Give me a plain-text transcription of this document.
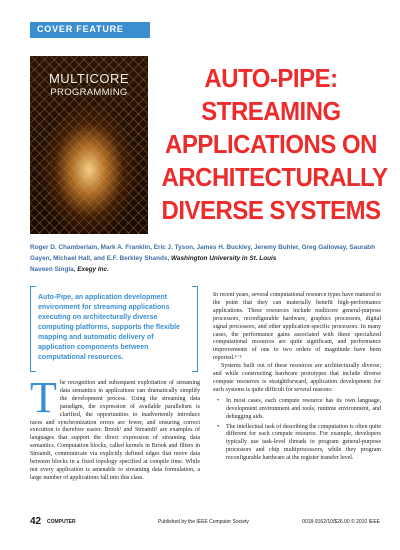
COVER FEATURE
MULTICORE
PROGRAMMING	AUTO-PIPE:
STREAMING
APPLICATIONS ON
ARCHITECTURALLY
DIVERSE SYSTEMS
Roger D. Chamberlain, Mark A. Franklin, Eric J. Tyson, James H. Buckley, Jeremy Buhler, Greg Galloway, Saurabh Gayen, Michael Hall, and E.F. Berkley Shands, Washington University in St. Louis
Naveen Singla, Exegy Inc.
Auto-Pipe, an application development environment for streaming applications executing on architecturally diverse computing platforms, supports the flexible mapping and automatic delivery of application components between computational resources.

The recognition and subsequent exploitation of streaming data semantics in applications can dramatically simplify the development process. Using the streaming data paradigm, the expression of available parallelism is clarified, the opportunities to inadvertently introduce races and synchronization errors are fewer, and ensuring correct execution is therefore easier. Brook¹ and StreamIt² are examples of languages that support the direct expression of streaming data semantics. Computation blocks, called kernels in Brook and filters in StreamIt, communicate via explicitly defined edges that move data between blocks in a fixed topology specified at compile time. While not every application is amenable to streaming data formulation, a large number of applications fall into this class.

In recent years, several computational resource types have matured to the point that they can materially benefit high-performance applications. These resources include multicore general-purpose processors, reconfigurable hardware, graphics processors, digital signal processors, and other application-specific processors. In many cases, the performance gains associated with these specialized computational resources are quite significant, and performance improvements of one to two orders of magnitude have been reported.³⁻⁵

Systems built out of these resources are architecturally diverse; and while constructing hardware prototypes that include diverse compute resources is straightforward, application development for such systems is quite difficult for several reasons:

• In most cases, each compute resource has its own language, development environment and tools, runtime environment, and debugging aids.
• The intellectual task of describing the computation is often quite different for each compute resource. For example, developers typically use task-level threads to program general-purpose processors and chip multiprocessors, while they program reconfigurable hardware at the register transfer level.
42 COMPUTER	Published by the IEEE Computer Society	0018-9162/10/$26.00 © 2010 IEEE
